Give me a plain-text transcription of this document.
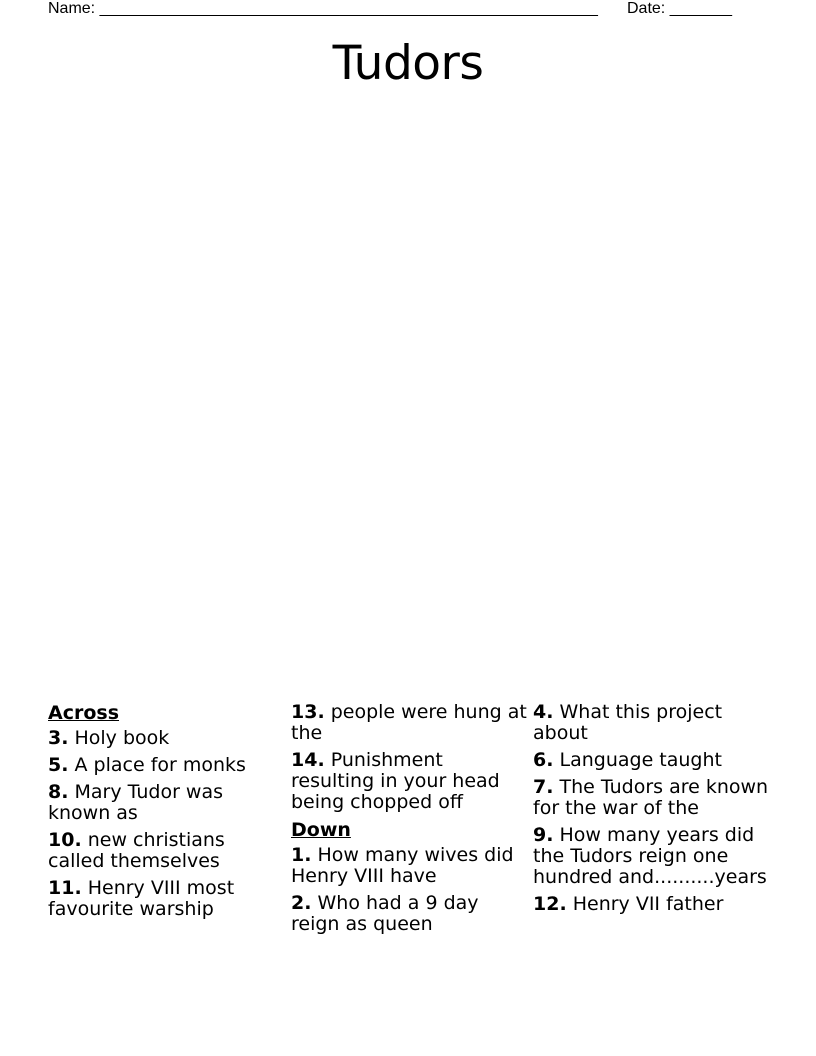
Name: ________________________________________________________ Date: _______
Tudors
Across
3. Holy book
5. A place for monks
8. Mary Tudor was known as
10. new christians called themselves
11. Henry VIII most favourite warship
13. people were hung at the
14. Punishment resulting in your head being chopped off
Down
1. How many wives did Henry VIII have
2. Who had a 9 day reign as queen
4. What this project about
6. Language taught
7. The Tudors are known for the war of the
9. How many years did the Tudors reign one hundred and..........years
12. Henry VII father
